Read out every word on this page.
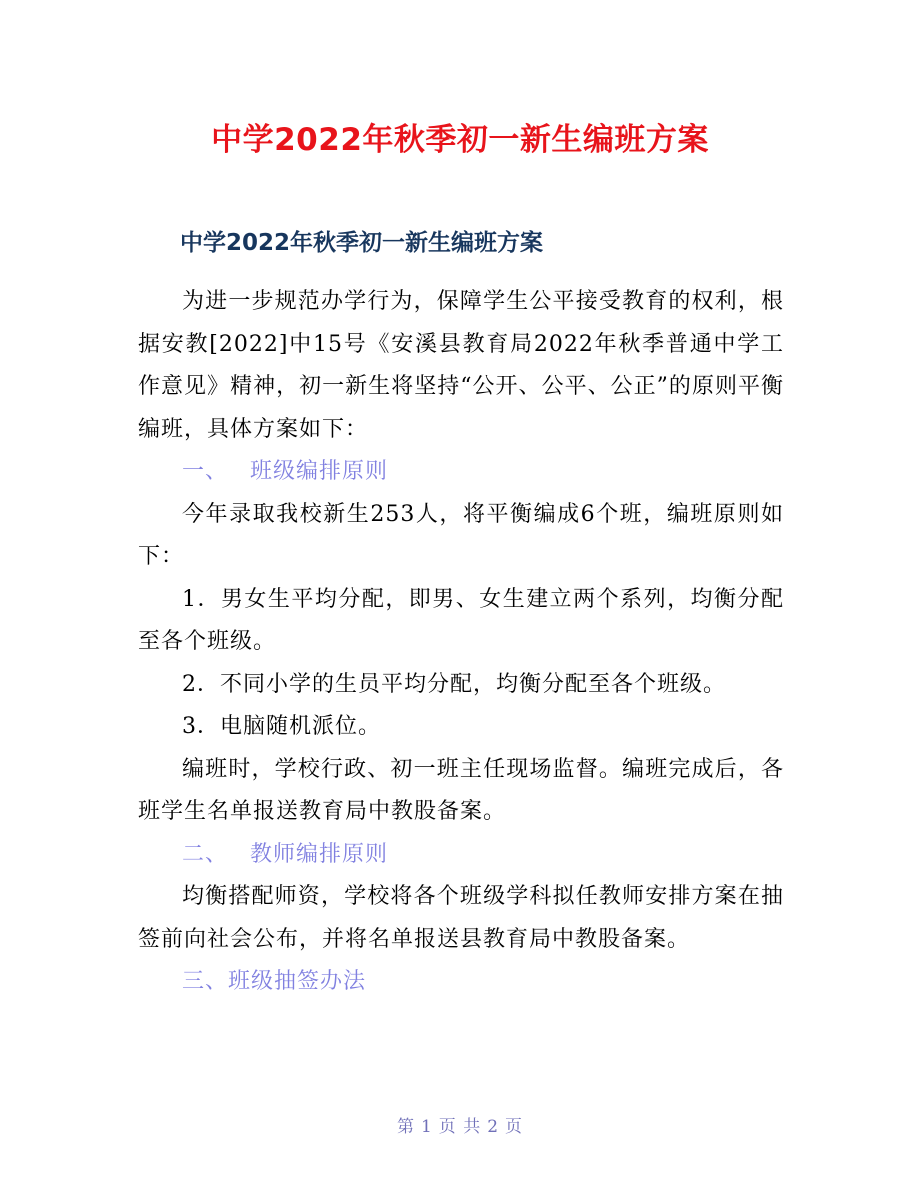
中学2022年秋季初一新生编班方案
中学2022年秋季初一新生编班方案

为进一步规范办学行为，保障学生公平接受教育的权利，根据安教[2022]中15号《安溪县教育局2022年秋季普通中学工作意见》精神，初一新生将坚持“公开、公平、公正”的原则平衡编班，具体方案如下：

一、 班级编排原则

今年录取我校新生253人，将平衡编成6个班，编班原则如下：

1．男女生平均分配，即男、女生建立两个系列，均衡分配至各个班级。

2．不同小学的生员平均分配，均衡分配至各个班级。

3．电脑随机派位。

编班时，学校行政、初一班主任现场监督。编班完成后，各班学生名单报送教育局中教股备案。

二、 教师编排原则

均衡搭配师资，学校将各个班级学科拟任教师安排方案在抽签前向社会公布，并将名单报送县教育局中教股备案。

三、班级抽签办法

第 1 页 共 2 页
